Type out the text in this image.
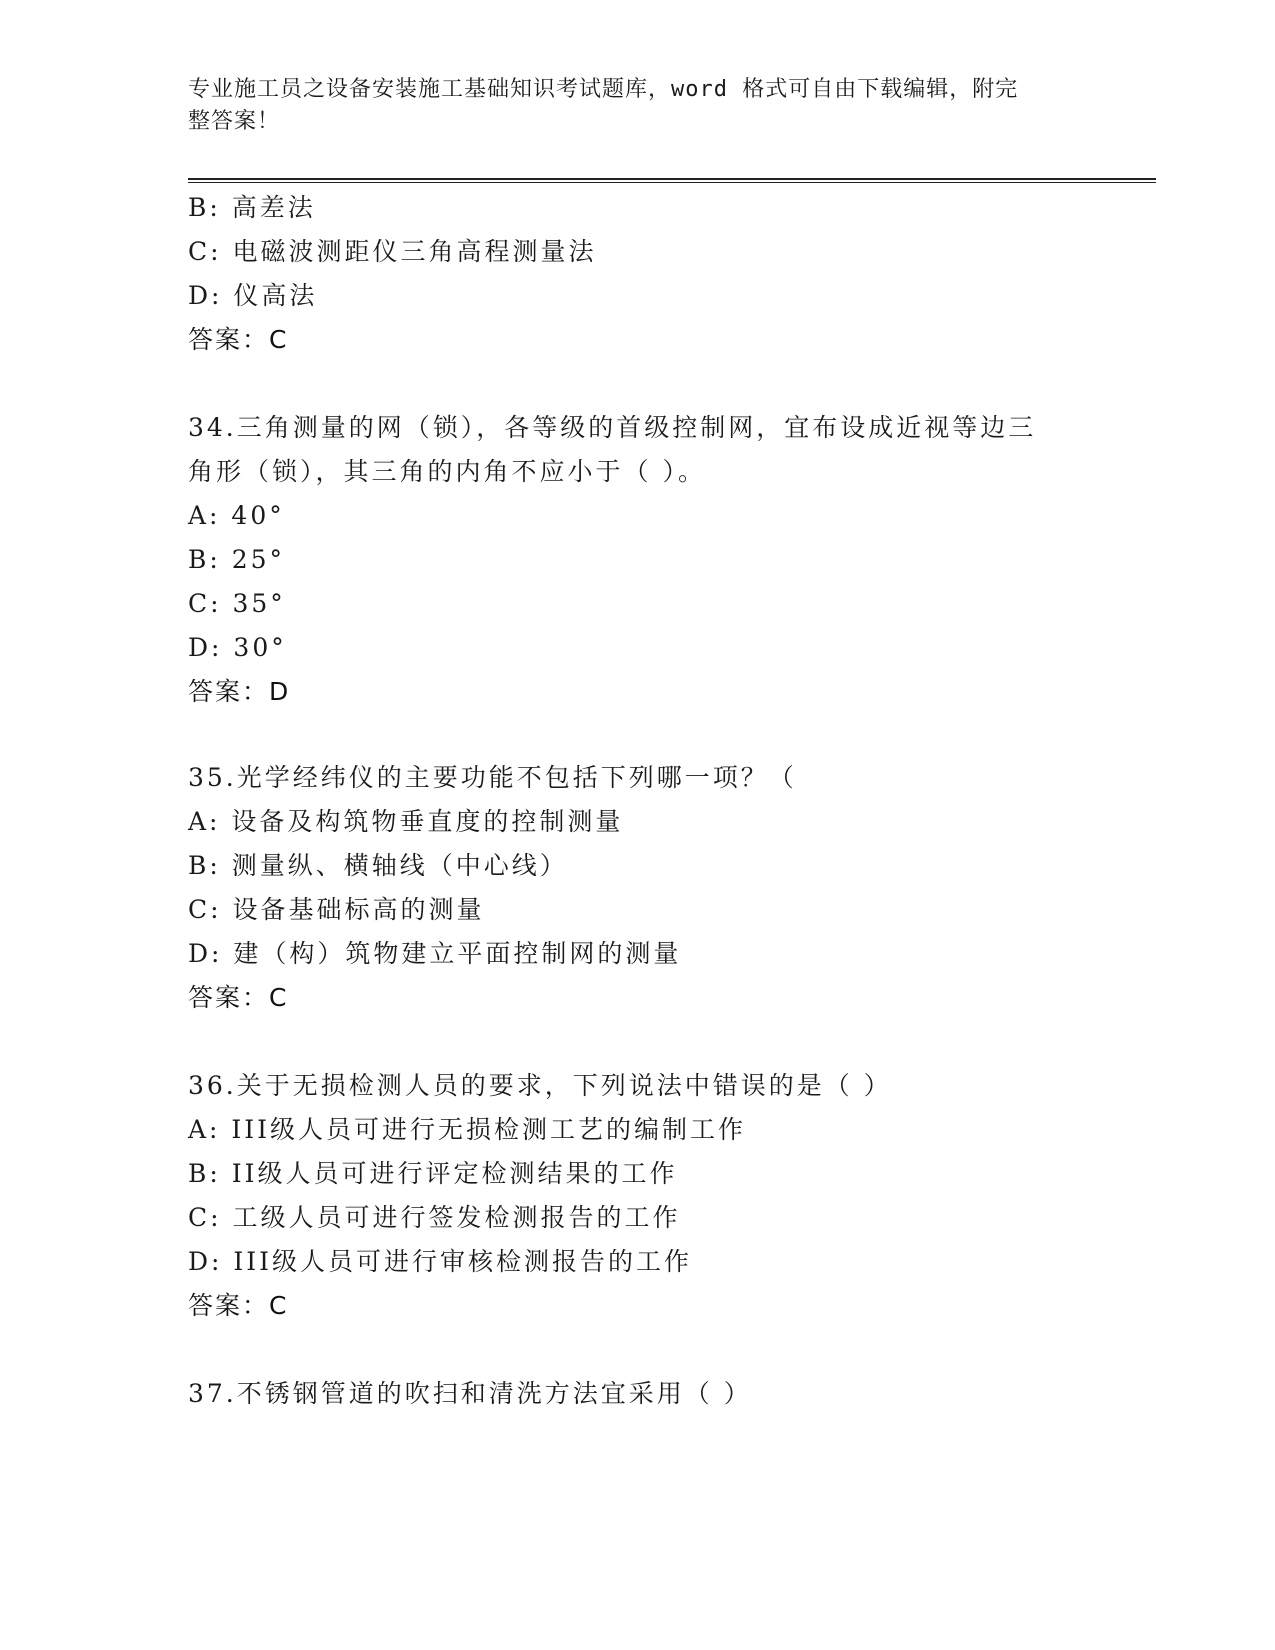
专业施工员之设备安装施工基础知识考试题库，word 格式可自由下载编辑，附完
整答案！
B: 高差法
C: 电磁波测距仪三角高程测量法
D: 仪高法
答案：C
34.三角测量的网（锁），各等级的首级控制网，宜布设成近视等边三
角形（锁），其三角的内角不应小于（ ）。
A: 40°
B: 25°
C: 35°
D: 30°
答案：D
35.光学经纬仪的主要功能不包括下列哪一项？（
A: 设备及构筑物垂直度的控制测量
B: 测量纵、横轴线（中心线）
C: 设备基础标高的测量
D: 建（构）筑物建立平面控制网的测量
答案：C
36.关于无损检测人员的要求，下列说法中错误的是（ ）
A: III级人员可进行无损检测工艺的编制工作
B: II级人员可进行评定检测结果的工作
C: 工级人员可进行签发检测报告的工作
D: III级人员可进行审核检测报告的工作
答案：C
37.不锈钢管道的吹扫和清洗方法宜采用（ ）
